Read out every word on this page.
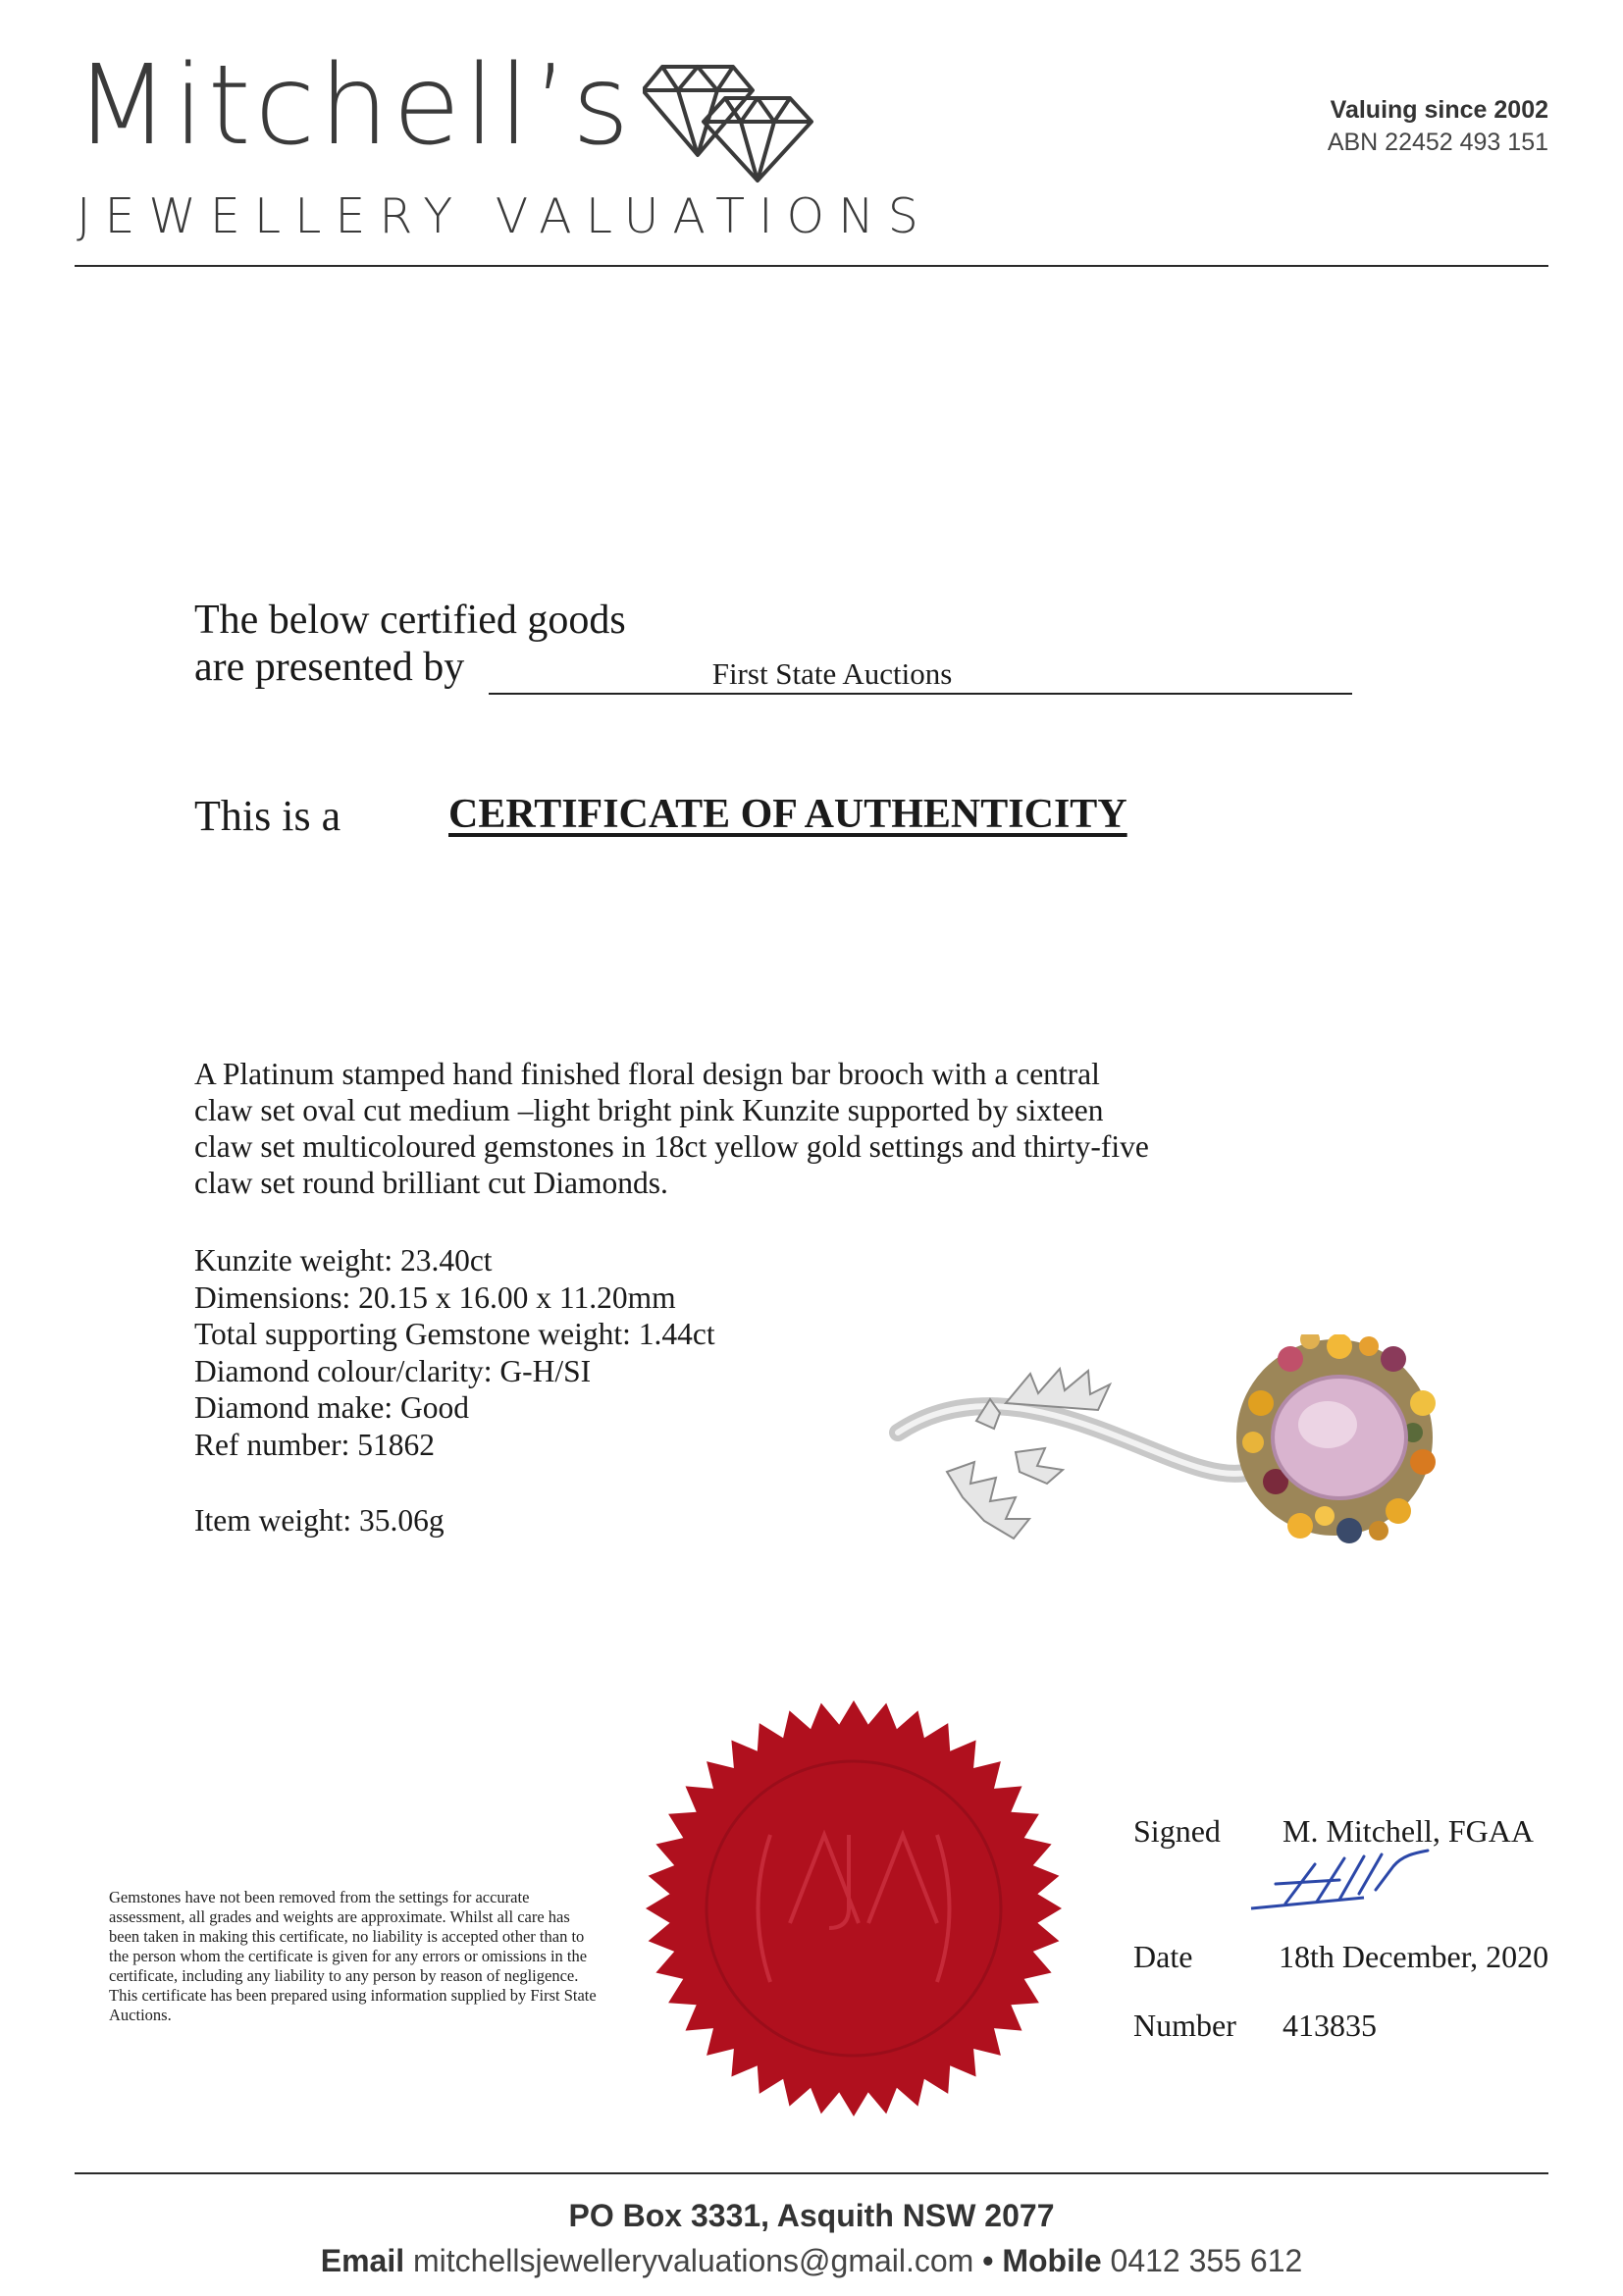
Mitchell’s
JEWELLERY VALUATIONS
Valuing since 2002
ABN 22452 493 151
The below certified goods
are presented by	First State Auctions
This is a	CERTIFICATE OF AUTHENTICITY
A Platinum stamped hand finished floral design bar brooch with a central claw set oval cut medium –light bright pink Kunzite supported by sixteen claw set multicoloured gemstones in 18ct yellow gold settings and thirty-five claw set round brilliant cut Diamonds.
Kunzite weight: 23.40ct
Dimensions: 20.15 x 16.00 x 11.20mm
Total supporting Gemstone weight: 1.44ct
Diamond colour/clarity: G-H/SI
Diamond make: Good
Ref number: 51862
Item weight: 35.06g
Gemstones have not been removed from the settings for accurate assessment, all grades and weights are approximate. Whilst all care has been taken in making this certificate, no liability is accepted other than to the person whom the certificate is given for any errors or omissions in the certificate, including any liability to any person by reason of negligence. This certificate has been prepared using information supplied by First State Auctions.
Signed M. Mitchell, FGAA
Date	18th December, 2020
Number 413835
PO Box 3331, Asquith NSW 2077
Email mitchellsjewelleryvaluations@gmail.com • Mobile 0412 355 612
